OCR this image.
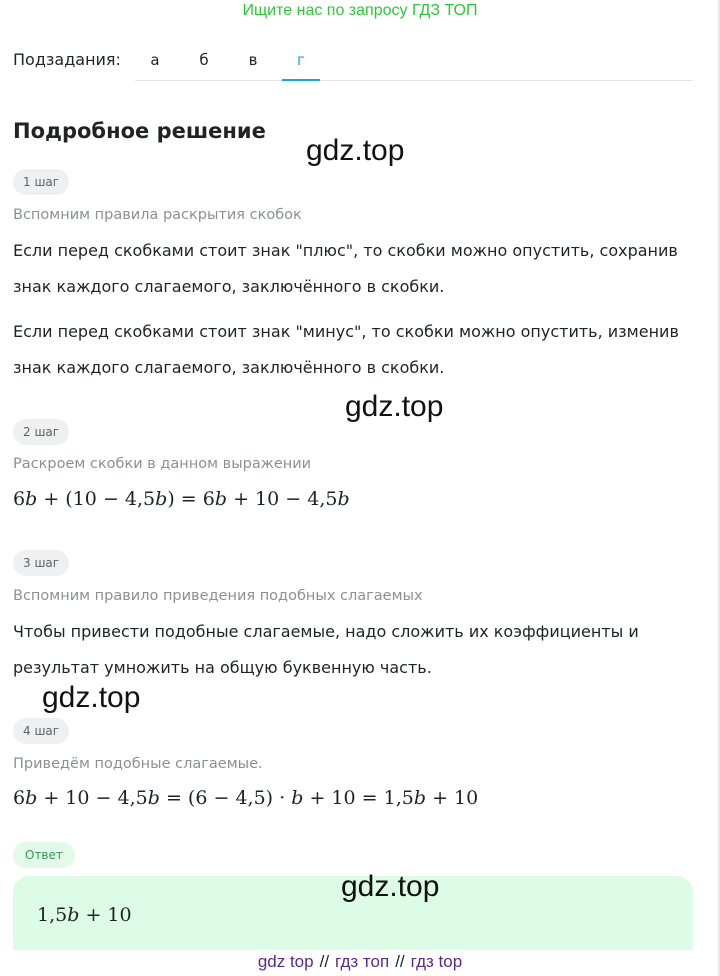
Ищите нас по запросу ГДЗ ТОП
Подзадания:	а	б	в	г
Подробное решение
gdz.top
gdz.top
gdz.top
gdz.top
1 шаг
Вспомним правила раскрытия скобок
Если перед скобками стоит знак "плюс", то скобки можно опустить, сохранив знак каждого слагаемого, заключённого в скобки.
Если перед скобками стоит знак "минус", то скобки можно опустить, изменив знак каждого слагаемого, заключённого в скобки.
2 шаг
Раскроем скобки в данном выражении
6b + (10 − 4,5b) = 6b + 10 − 4,5b
3 шаг
Вспомним правило приведения подобных слагаемых
Чтобы привести подобные слагаемые, надо сложить их коэффициенты и результат умножить на общую буквенную часть.
4 шаг
Приведём подобные слагаемые.
6b + 10 − 4,5b = (6 − 4,5) · b + 10 = 1,5b + 10
Ответ
1,5b + 10
gdz top // гдз топ // гдз top
